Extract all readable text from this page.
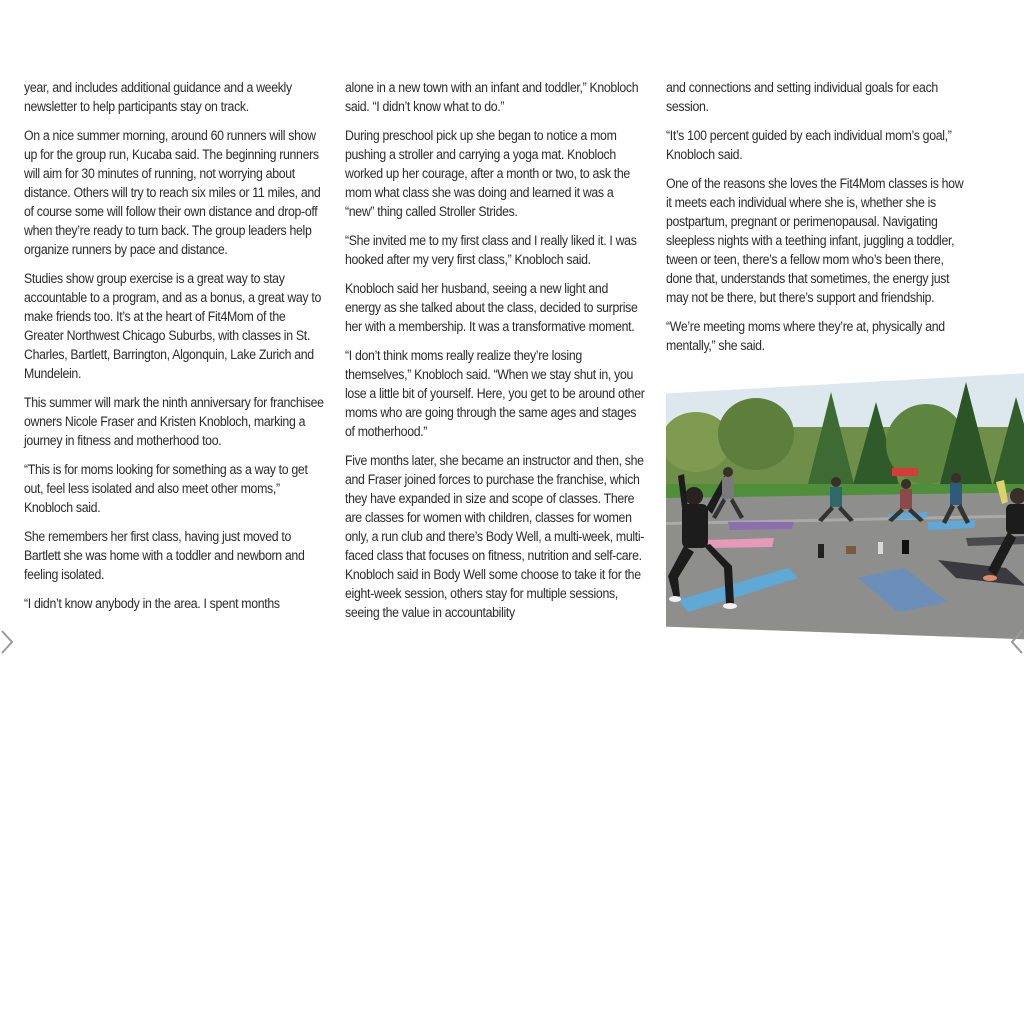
year, and includes additional guidance and a weekly newsletter to help participants stay on track.

On a nice summer morning, around 60 runners will show up for the group run, Kucaba said. The beginning runners will aim for 30 minutes of running, not worrying about distance. Others will try to reach six miles or 11 miles, and of course some will follow their own distance and drop-off when they’re ready to turn back. The group leaders help organize runners by pace and distance.

Studies show group exercise is a great way to stay accountable to a program, and as a bonus, a great way to make friends too. It’s at the heart of Fit4Mom of the Greater Northwest Chicago Suburbs, with classes in St. Charles, Bartlett, Barrington, Algonquin, Lake Zurich and Mundelein.

This summer will mark the ninth anniversary for franchisee owners Nicole Fraser and Kristen Knobloch, marking a journey in fitness and motherhood too.

“This is for moms looking for something as a way to get out, feel less isolated and also meet other moms,” Knobloch said.

She remembers her first class, having just moved to Bartlett she was home with a toddler and newborn and feeling isolated.

“I didn’t know anybody in the area. I spent months

alone in a new town with an infant and toddler,” Knobloch said. “I didn’t know what to do.”

During preschool pick up she began to notice a mom pushing a stroller and carrying a yoga mat. Knobloch worked up her courage, after a month or two, to ask the mom what class she was doing and learned it was a “new” thing called Stroller Strides.

“She invited me to my first class and I really liked it. I was hooked after my very first class,” Knobloch said.

Knobloch said her husband, seeing a new light and energy as she talked about the class, decided to surprise her with a membership. It was a transformative moment.

“I don’t think moms really realize they’re losing themselves,” Knobloch said. “When we stay shut in, you lose a little bit of yourself. Here, you get to be around other moms who are going through the same ages and stages of motherhood.”

Five months later, she became an instructor and then, she and Fraser joined forces to purchase the franchise, which they have expanded in size and scope of classes. There are classes for women with children, classes for women only, a run club and there’s Body Well, a multi-week, multi-faced class that focuses on fitness, nutrition and self-care. Knobloch said in Body Well some choose to take it for the eight-week session, others stay for multiple sessions, seeing the value in accountability

and connections and setting individual goals for each session.

“It’s 100 percent guided by each individual mom’s goal,” Knobloch said.

One of the reasons she loves the Fit4Mom classes is how it meets each individual where she is, whether she is postpartum, pregnant or perimenopausal. Navigating sleepless nights with a teething infant, juggling a toddler, tween or teen, there’s a fellow mom who’s been there, done that, understands that sometimes, the energy just may not be there, but there’s support and friendship.

“We’re meeting moms where they’re at, physically and mentally,” she said.
